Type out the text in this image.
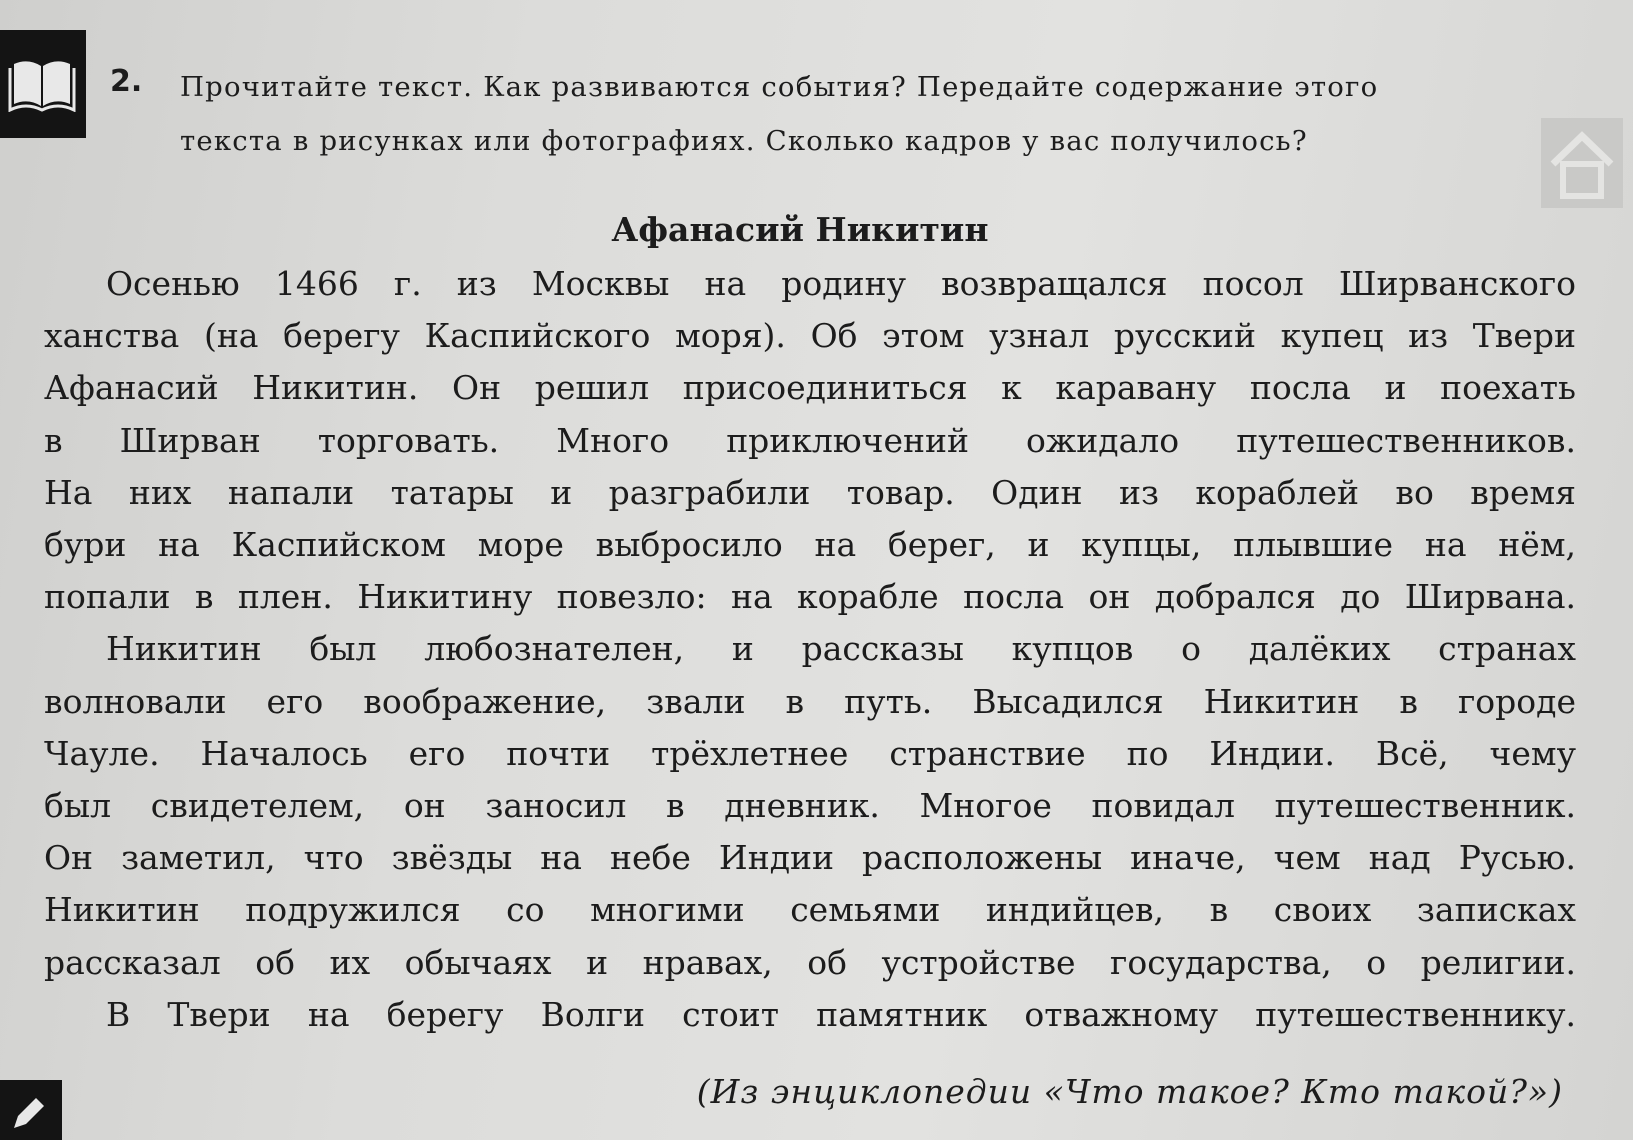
2. Прочитайте текст. Как развиваются события? Передайте содержание этого
текста в рисунках или фотографиях. Сколько кадров у вас получилось?
Афанасий Никитин
Осенью 1466 г. из Москвы на родину возвращался посол Ширванского
ханства (на берегу Каспийского моря). Об этом узнал русский купец из Твери
Афанасий Никитин. Он решил присоединиться к каравану посла и поехать
в Ширван торговать. Много приключений ожидало путешественников.
На них напали татары и разграбили товар. Один из кораблей во время
бури на Каспийском море выбросило на берег, и купцы, плывшие на нём,
попали в плен. Никитину повезло: на корабле посла он добрался до Ширвана.
Никитин был любознателен, и рассказы купцов о далёких странах
волновали его воображение, звали в путь. Высадился Никитин в городе
Чауле. Началось его почти трёхлетнее странствие по Индии. Всё, чему
был свидетелем, он заносил в дневник. Многое повидал путешественник.
Он заметил, что звёзды на небе Индии расположены иначе, чем над Русью.
Никитин подружился со многими семьями индийцев, в своих записках
рассказал об их обычаях и нравах, об устройстве государства, о религии.
В Твери на берегу Волги стоит памятник отважному путешественнику.
(Из энциклопедии «Что такое? Кто такой?»)
